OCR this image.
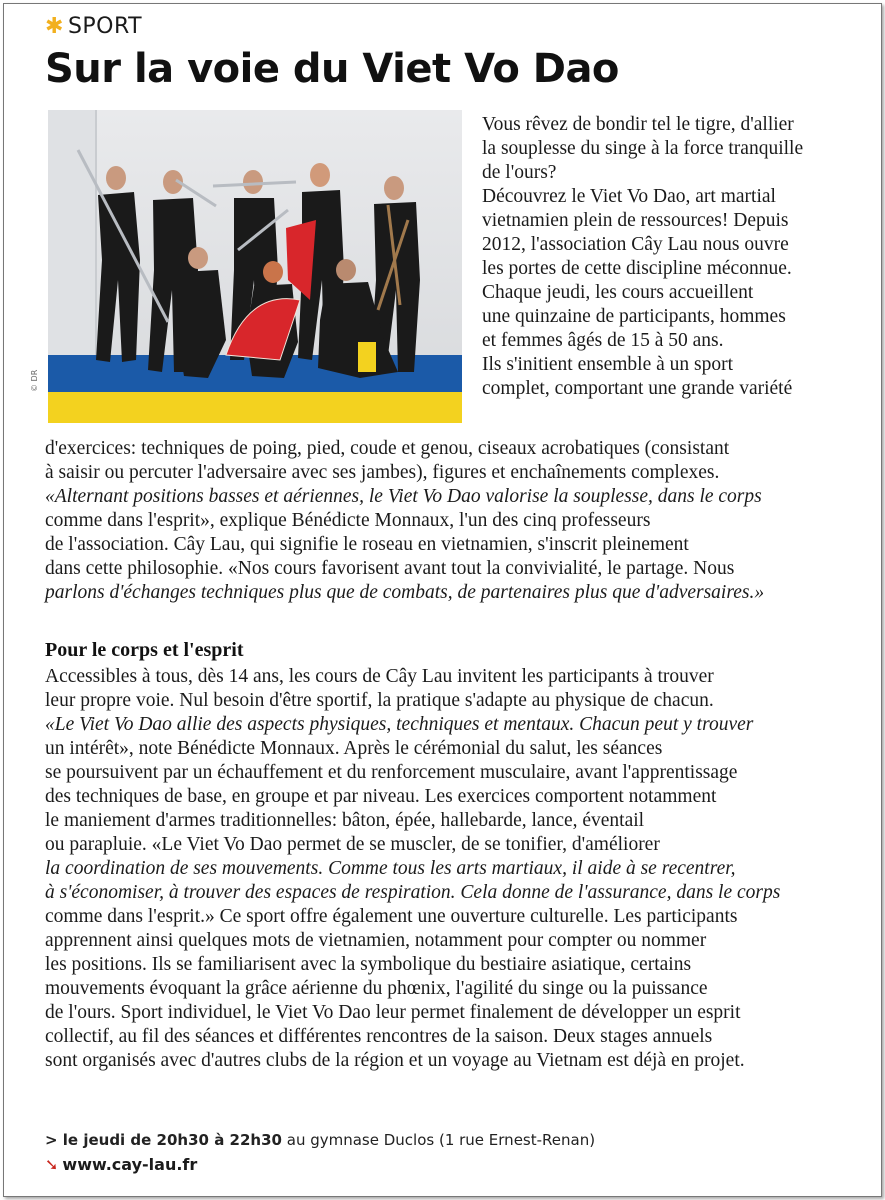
✱ SPORT
Sur la voie du Viet Vo Dao
© DR

Vous rêvez de bondir tel le tigre, d'allier

la souplesse du singe à la force tranquille

de l'ours?

Découvrez le Viet Vo Dao, art martial

vietnamien plein de ressources! Depuis

2012, l'association Cây Lau nous ouvre

les portes de cette discipline méconnue.

Chaque jeudi, les cours accueillent

une quinzaine de participants, hommes

et femmes âgés de 15 à 50 ans.

Ils s'initient ensemble à un sport

complet, comportant une grande variété

d'exercices: techniques de poing, pied, coude et genou, ciseaux acrobatiques (consistant

à saisir ou percuter l'adversaire avec ses jambes), figures et enchaînements complexes.

«Alternant positions basses et aériennes, le Viet Vo Dao valorise la souplesse, dans le corps

comme dans l'esprit», explique Bénédicte Monnaux, l'un des cinq professeurs

de l'association. Cây Lau, qui signifie le roseau en vietnamien, s'inscrit pleinement

dans cette philosophie. «Nos cours favorisent avant tout la convivialité, le partage. Nous

parlons d'échanges techniques plus que de combats, de partenaires plus que d'adversaires.»

Pour le corps et l'esprit

Accessibles à tous, dès 14 ans, les cours de Cây Lau invitent les participants à trouver

leur propre voie. Nul besoin d'être sportif, la pratique s'adapte au physique de chacun.

«Le Viet Vo Dao allie des aspects physiques, techniques et mentaux. Chacun peut y trouver

un intérêt», note Bénédicte Monnaux. Après le cérémonial du salut, les séances

se poursuivent par un échauffement et du renforcement musculaire, avant l'apprentissage

des techniques de base, en groupe et par niveau. Les exercices comportent notamment

le maniement d'armes traditionnelles: bâton, épée, hallebarde, lance, éventail

ou parapluie. «Le Viet Vo Dao permet de se muscler, de se tonifier, d'améliorer

la coordination de ses mouvements. Comme tous les arts martiaux, il aide à se recentrer,

à s'économiser, à trouver des espaces de respiration. Cela donne de l'assurance, dans le corps

comme dans l'esprit.» Ce sport offre également une ouverture culturelle. Les participants

apprennent ainsi quelques mots de vietnamien, notamment pour compter ou nommer

les positions. Ils se familiarisent avec la symbolique du bestiaire asiatique, certains

mouvements évoquant la grâce aérienne du phœnix, l'agilité du singe ou la puissance

de l'ours. Sport individuel, le Viet Vo Dao leur permet finalement de développer un esprit

collectif, au fil des séances et différentes rencontres de la saison. Deux stages annuels

sont organisés avec d'autres clubs de la région et un voyage au Vietnam est déjà en projet.

> le jeudi de 20h30 à 22h30 au gymnase Duclos (1 rue Ernest-Renan)
➘ www.cay-lau.fr
